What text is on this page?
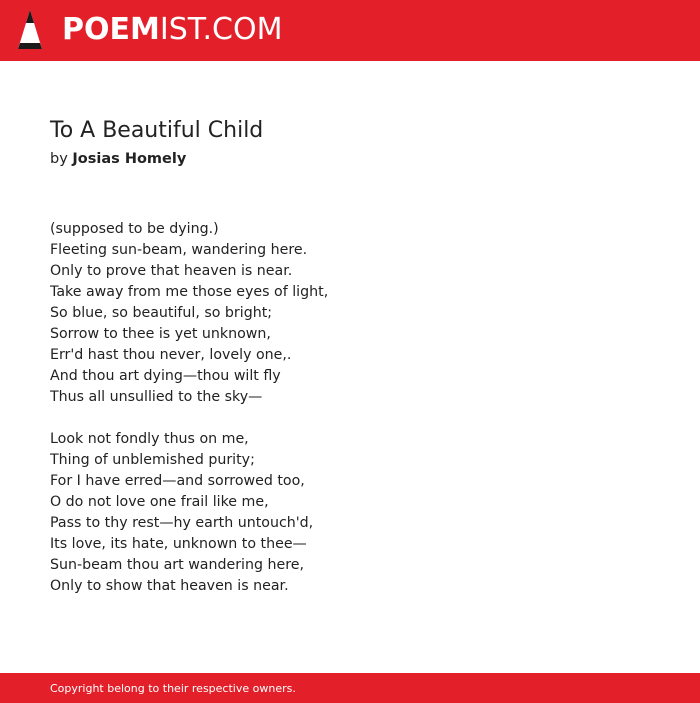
POEMIST.COM
To A Beautiful Child
by Josias Homely
(supposed to be dying.)
Fleeting sun-beam, wandering here.
Only to prove that heaven is near.
Take away from me those eyes of light,
So blue, so beautiful, so bright;
Sorrow to thee is yet unknown,
Err'd hast thou never, lovely one,.
And thou art dying—thou wilt fly
Thus all unsullied to the sky—
Look not fondly thus on me,
Thing of unblemished purity;
For I have erred—and sorrowed too,
O do not love one frail like me,
Pass to thy rest—hy earth untouch'd,
Its love, its hate, unknown to thee—
Sun-beam thou art wandering here,
Only to show that heaven is near.
Copyright belong to their respective owners.
